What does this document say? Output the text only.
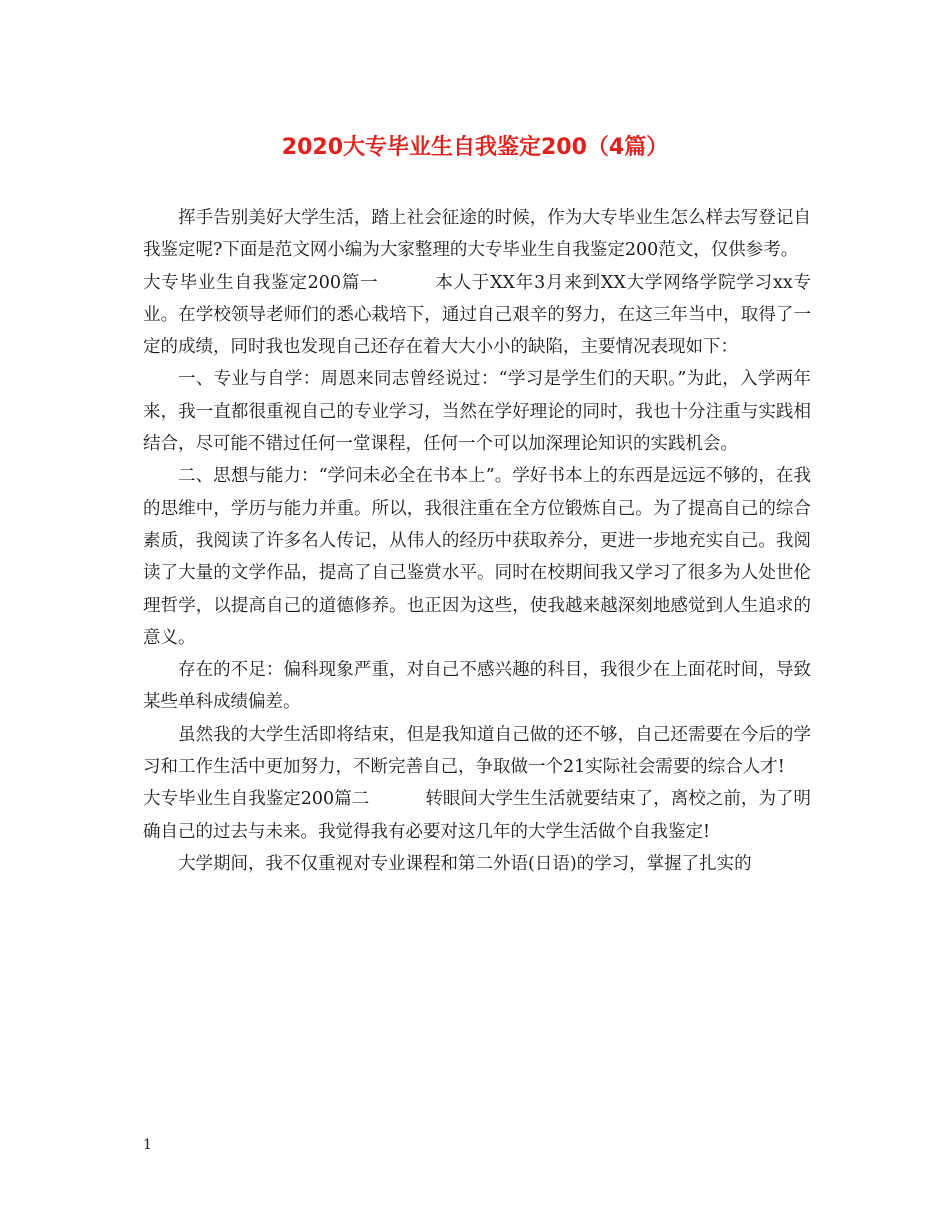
2020大专毕业生自我鉴定200（4篇）

挥手告别美好大学生活，踏上社会征途的时候，作为大专毕业生怎么样去写登记自我鉴定呢?下面是范文网小编为大家整理的大专毕业生自我鉴定200范文，仅供参考。

大专毕业生自我鉴定200篇一	本人于XX年3月来到XX大学网络学院学习xx专业。在学校领导老师们的悉心栽培下，通过自己艰辛的努力，在这三年当中，取得了一定的成绩，同时我也发现自己还存在着大大小小的缺陷，主要情况表现如下：

一、专业与自学：周恩来同志曾经说过：“学习是学生们的天职。”为此，入学两年来，我一直都很重视自己的专业学习，当然在学好理论的同时，我也十分注重与实践相结合，尽可能不错过任何一堂课程，任何一个可以加深理论知识的实践机会。

二、思想与能力：“学问未必全在书本上”。学好书本上的东西是远远不够的，在我的思维中，学历与能力并重。所以，我很注重在全方位锻炼自己。为了提高自己的综合素质，我阅读了许多名人传记，从伟人的经历中获取养分，更进一步地充实自己。我阅读了大量的文学作品，提高了自己鉴赏水平。同时在校期间我又学习了很多为人处世伦理哲学，以提高自己的道德修养。也正因为这些，使我越来越深刻地感觉到人生追求的意义。

存在的不足：偏科现象严重，对自己不感兴趣的科目，我很少在上面花时间，导致某些单科成绩偏差。

虽然我的大学生活即将结束，但是我知道自己做的还不够，自己还需要在今后的学习和工作生活中更加努力，不断完善自己，争取做一个21实际社会需要的综合人才!

大专毕业生自我鉴定200篇二	转眼间大学生生活就要结束了，离校之前，为了明确自己的过去与未来。我觉得我有必要对这几年的大学生活做个自我鉴定!

大学期间，我不仅重视对专业课程和第二外语(日语)的学习，掌握了扎实的

1
